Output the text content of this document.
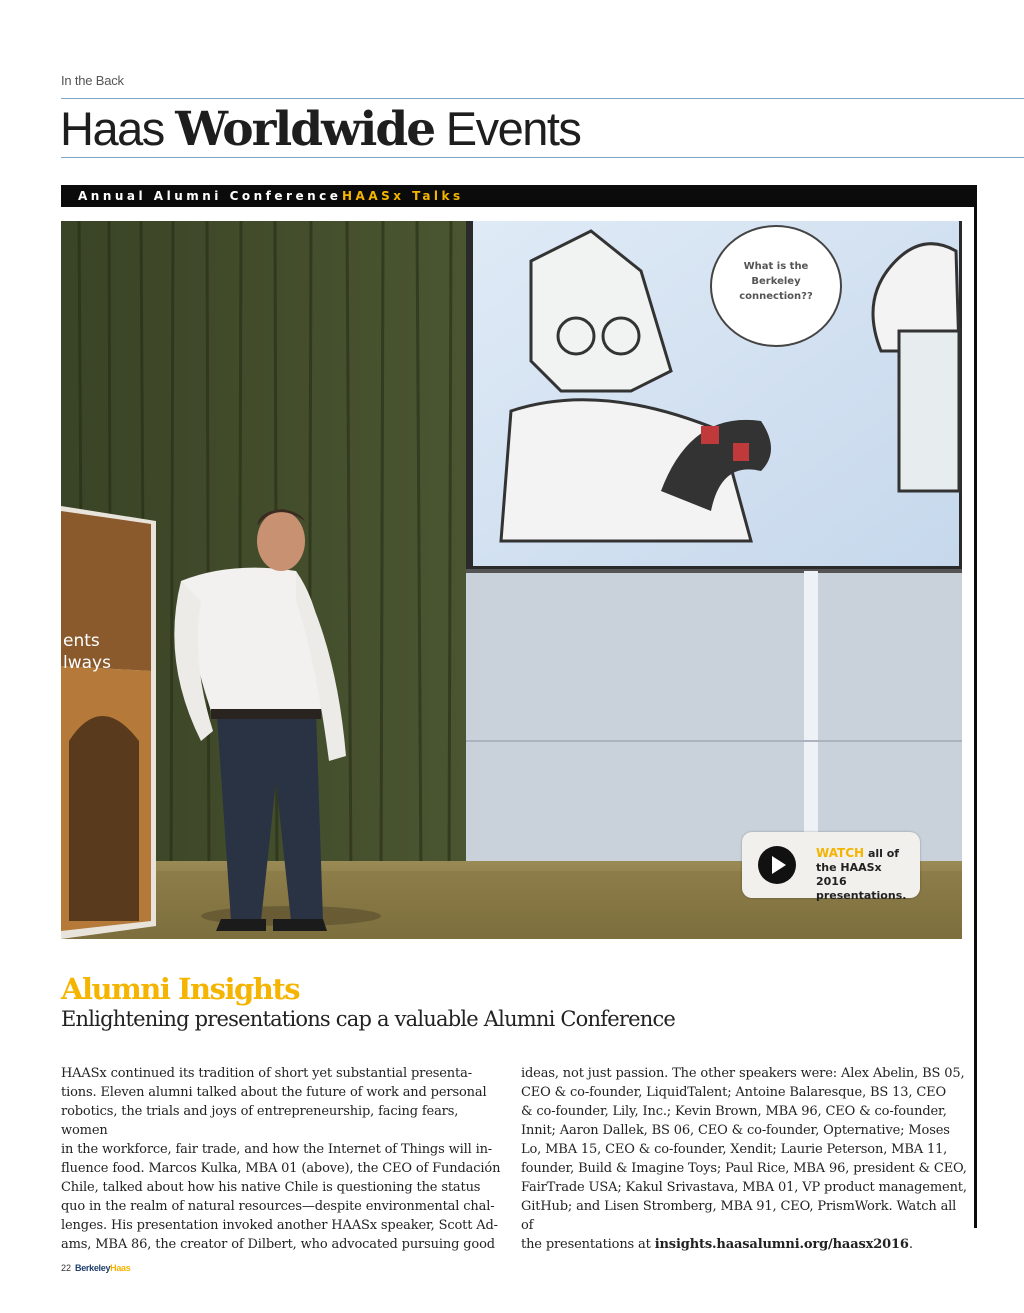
In the Back
Haas Worldwide Events
Annual Alumni Conference HAASx Talks
What is the
Berkeley
connection??
ents
lways
WATCH all of
the HAASx 2016
presentations.
Alumni Insights
Enlightening presentations cap a valuable Alumni Conference

HAASx continued its tradition of short yet substantial presenta-

tions. Eleven alumni talked about the future of work and personal

robotics, the trials and joys of entrepreneurship, facing fears, women

in the workforce, fair trade, and how the Internet of Things will in-

fluence food. Marcos Kulka, MBA 01 (above), the CEO of Fundación

Chile, talked about how his native Chile is questioning the status

quo in the realm of natural resources—despite environmental chal-

lenges. His presentation invoked another HAASx speaker, Scott Ad-

ams, MBA 86, the creator of Dilbert, who advocated pursuing good

ideas, not just passion. The other speakers were: Alex Abelin, BS 05,

CEO & co-founder, LiquidTalent; Antoine Balaresque, BS 13, CEO

& co-founder, Lily, Inc.; Kevin Brown, MBA 96, CEO & co-founder,

Innit; Aaron Dallek, BS 06, CEO & co-founder, Opternative; Moses

Lo, MBA 15, CEO & co-founder, Xendit; Laurie Peterson, MBA 11,

founder, Build & Imagine Toys; Paul Rice, MBA 96, president & CEO,

FairTrade USA; Kakul Srivastava, MBA 01, VP product management,

GitHub; and Lisen Stromberg, MBA 91, CEO, PrismWork. Watch all of

the presentations at insights.haasalumni.org/haasx2016.

22 BerkeleyHaas
